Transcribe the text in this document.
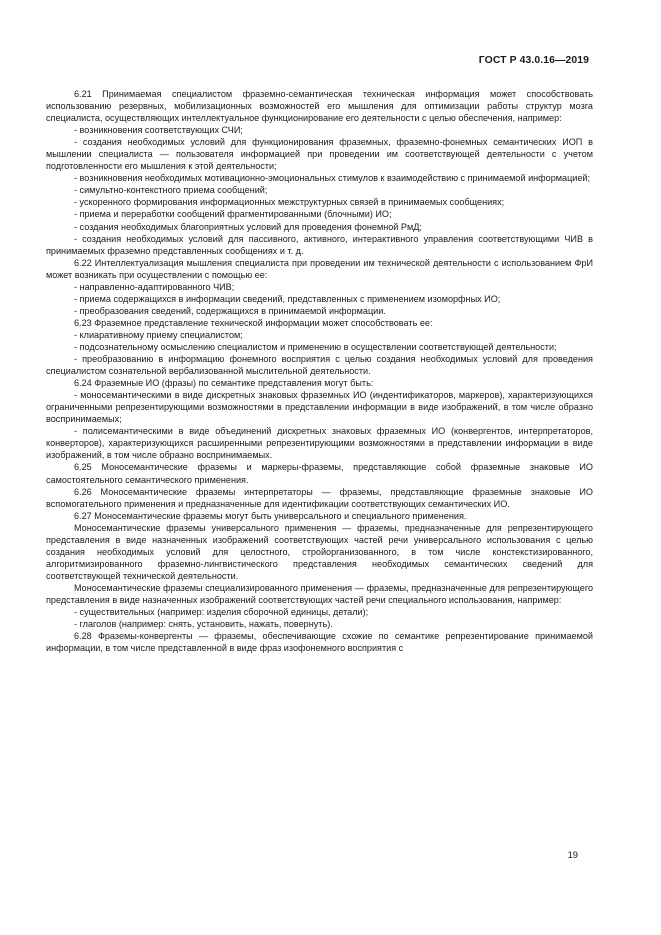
ГОСТ Р 43.0.16—2019

6.21 Принимаемая специалистом фраземно-семантическая техническая информация может способствовать использованию резервных, мобилизационных возможностей его мышления для оптимизации работы структур мозга специалиста, осуществляющих интеллектуальное функционирование его деятельности с целью обеспечения, например:

- возникновения соответствующих СЧИ;

- создания необходимых условий для функционирования фраземных, фраземно-фонемных семантических ИОП в мышлении специалиста — пользователя информацией при проведении им соответствующей деятельности с учетом подготовленности его мышления к этой деятельности;

- возникновения необходимых мотивационно-эмоциональных стимулов к взаимодействию с принимаемой информацией;

- симультно-контекстного приема сообщений;

- ускоренного формирования информационных межструктурных связей в принимаемых сообщениях;

- приема и переработки сообщений фрагментированными (блочными) ИО;

- создания необходимых благоприятных условий для проведения фонемной РмД;

- создания необходимых условий для пассивного, активного, интерактивного управления соответствующими ЧИВ в принимаемых фраземно представленных сообщениях и т. д.

6.22 Интеллектуализация мышления специалиста при проведении им технической деятельности с использованием ФрИ может возникать при осуществлении с помощью ее:

- направленно-адаптированного ЧИВ;

- приема содержащихся в информации сведений, представленных с применением изоморфных ИО;

- преобразования сведений, содержащихся в принимаемой информации.

6.23 Фраземное представление технической информации может способствовать ее:

- клиаративному приему специалистом;

- подсознательному осмыслению специалистом и применению в осуществлении соответствующей деятельности;

- преобразованию в информацию фонемного восприятия с целью создания необходимых условий для проведения специалистом сознательной вербализованной мыслительной деятельности.

6.24 Фраземные ИО (фразы) по семантике представления могут быть:

- моносемантическими в виде дискретных знаковых фраземных ИО (индентификаторов, маркеров), характеризующихся ограниченными репрезентирующими возможностями в представлении информации в виде изображений, в том числе образно воспринимаемых;

- полисемантическими в виде объединений дискретных знаковых фраземных ИО (конвергентов, интерпретаторов, конверторов), характеризующихся расширенными репрезентирующими возможностями в представлении информации в виде изображений, в том числе образно воспринимаемых.

6.25 Моносемантические фраземы и маркеры-фраземы, представляющие собой фраземные знаковые ИО самостоятельного семантического применения.

6.26 Моносемантические фраземы интерпретаторы — фраземы, представляющие фраземные знаковые ИО вспомогательного применения и предназначенные для идентификации соответствующих семантических ИО.

6.27 Моносемантические фраземы могут быть универсального и специального применения.

Моносемантические фраземы универсального применения — фраземы, предназначенные для репрезентирующего представления в виде назначенных изображений соответствующих частей речи универсального использования с целью создания необходимых условий для целостного, стройорганизованного, в том числе констекстизированного, алгоритмизированного фраземно-лингвистического представления необходимых семантических сведений для соответствующей технической деятельности.

Моносемантические фраземы специализированного применения — фраземы, предназначенные для репрезентирующего представления в виде назначенных изображений соответствующих частей речи специального использования, например:

- существительных (например: изделия сборочной единицы, детали);

- глаголов (например: снять, установить, нажать, повернуть).

6.28 Фраземы-конвергенты — фраземы, обеспечивающие схожие по семантике репрезентирование принимаемой информации, в том числе представленной в виде фраз изофонемного восприятия с

19
